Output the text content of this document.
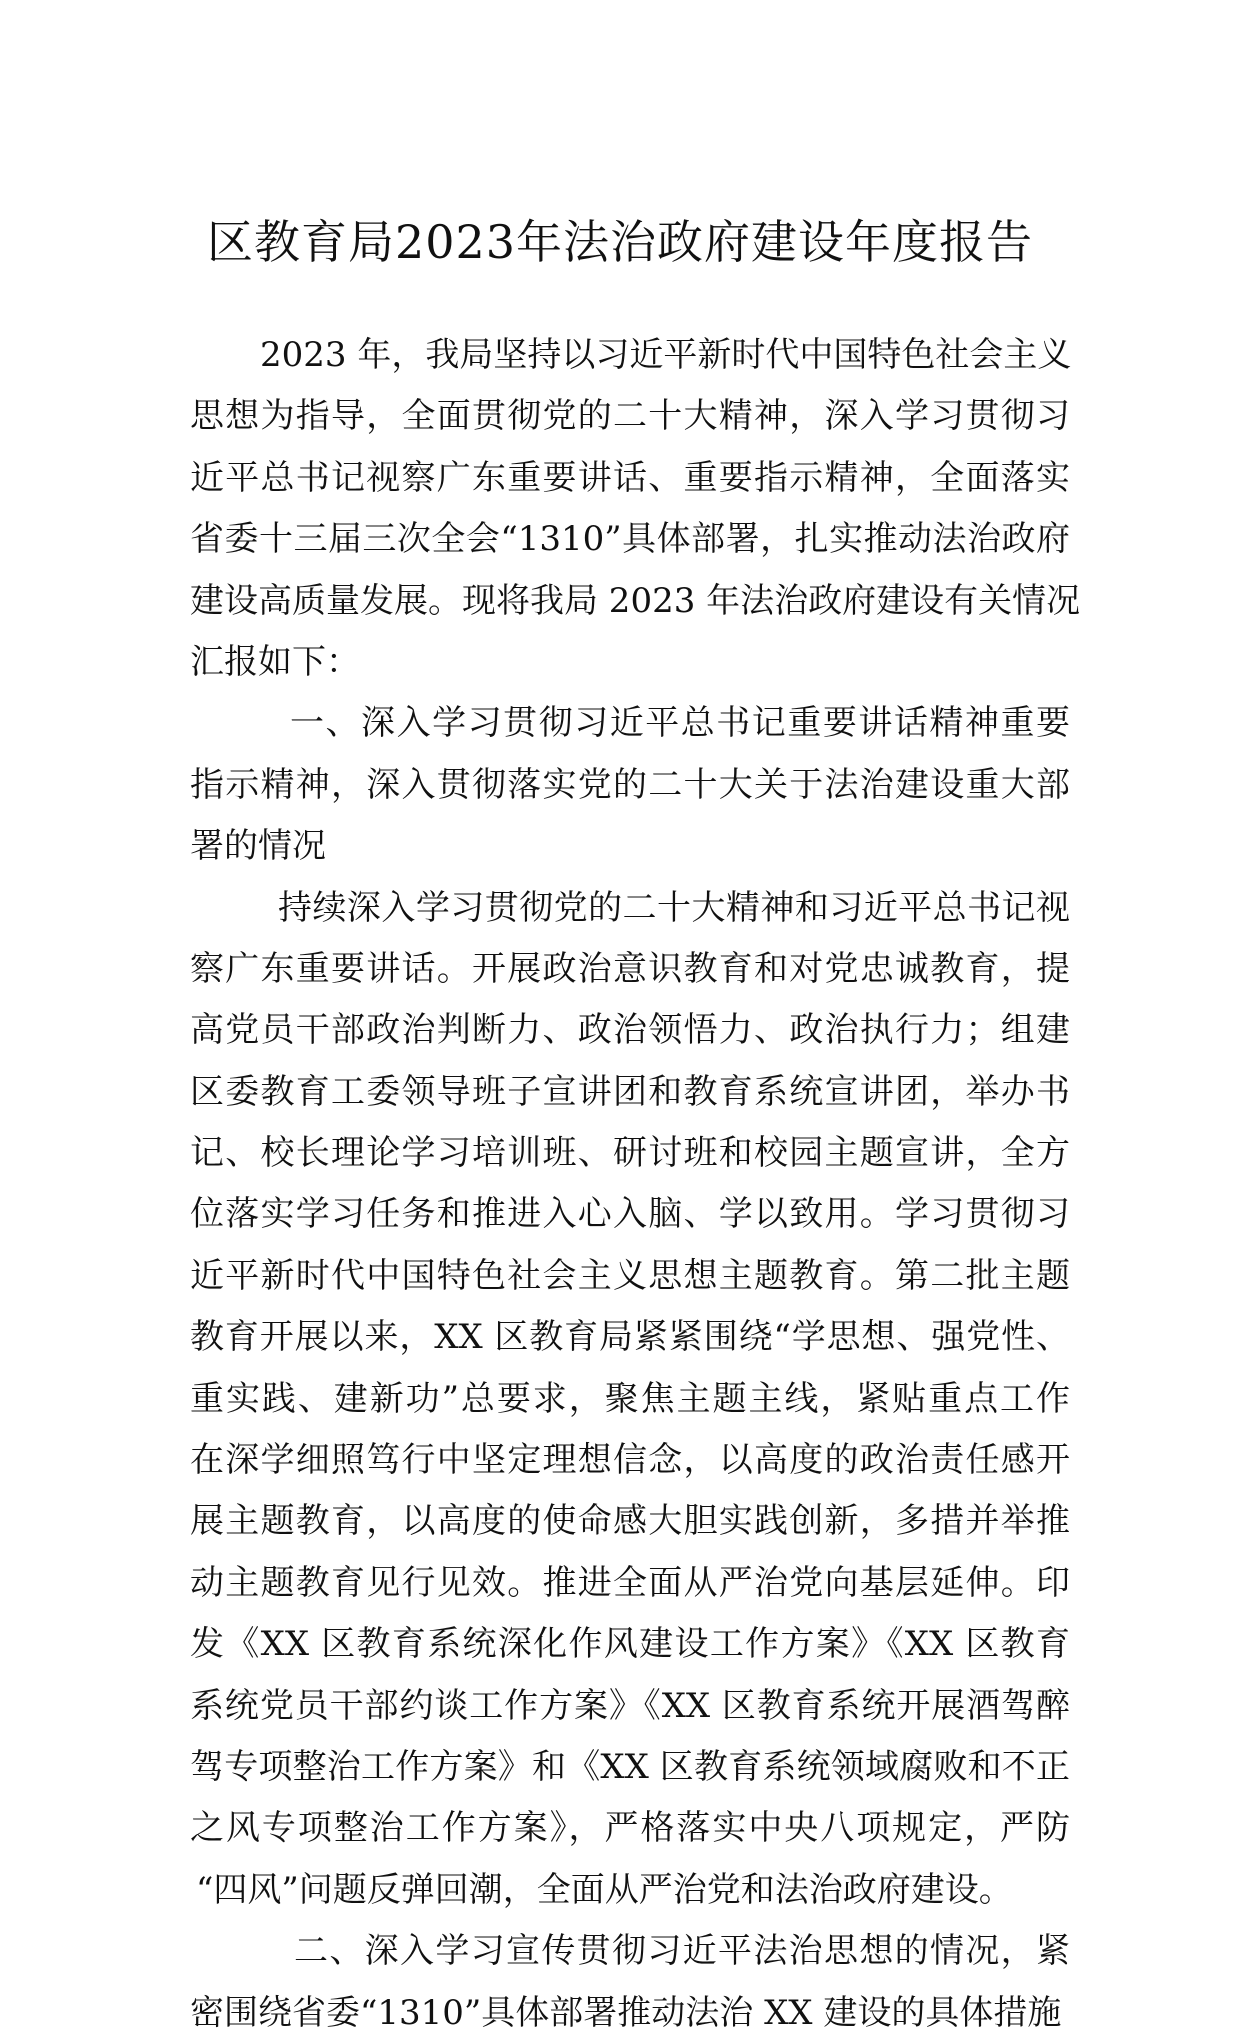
区教育局2023年法治政府建设年度报告
2023 年，我局坚持以习近平新时代中国特色社会主义
思想为指导，全面贯彻党的二十大精神，深入学习贯彻习
近平总书记视察广东重要讲话、重要指示精神，全面落实
省委十三届三次全会“1310”具体部署，扎实推动法治政府
建设高质量发展。现将我局 2023 年法治政府建设有关情况
汇报如下：
一、深入学习贯彻习近平总书记重要讲话精神重要
指示精神，深入贯彻落实党的二十大关于法治建设重大部
署的情况
持续深入学习贯彻党的二十大精神和习近平总书记视
察广东重要讲话。开展政治意识教育和对党忠诚教育，提
高党员干部政治判断力、政治领悟力、政治执行力；组建
区委教育工委领导班子宣讲团和教育系统宣讲团，举办书
记、校长理论学习培训班、研讨班和校园主题宣讲，全方
位落实学习任务和推进入心入脑、学以致用。学习贯彻习
近平新时代中国特色社会主义思想主题教育。第二批主题
教育开展以来，XX 区教育局紧紧围绕“学思想、强党性、
重实践、建新功”总要求，聚焦主题主线，紧贴重点工作
在深学细照笃行中坚定理想信念，以高度的政治责任感开
展主题教育，以高度的使命感大胆实践创新，多措并举推
动主题教育见行见效。推进全面从严治党向基层延伸。印
发《XX 区教育系统深化作风建设工作方案》《XX 区教育
系统党员干部约谈工作方案》《XX 区教育系统开展酒驾醉
驾专项整治工作方案》和《XX 区教育系统领域腐败和不正
之风专项整治工作方案》，严格落实中央八项规定，严防
“四风”问题反弹回潮，全面从严治党和法治政府建设。
二、深入学习宣传贯彻习近平法治思想的情况，紧
密围绕省委“1310”具体部署推动法治 XX 建设的具体措施
